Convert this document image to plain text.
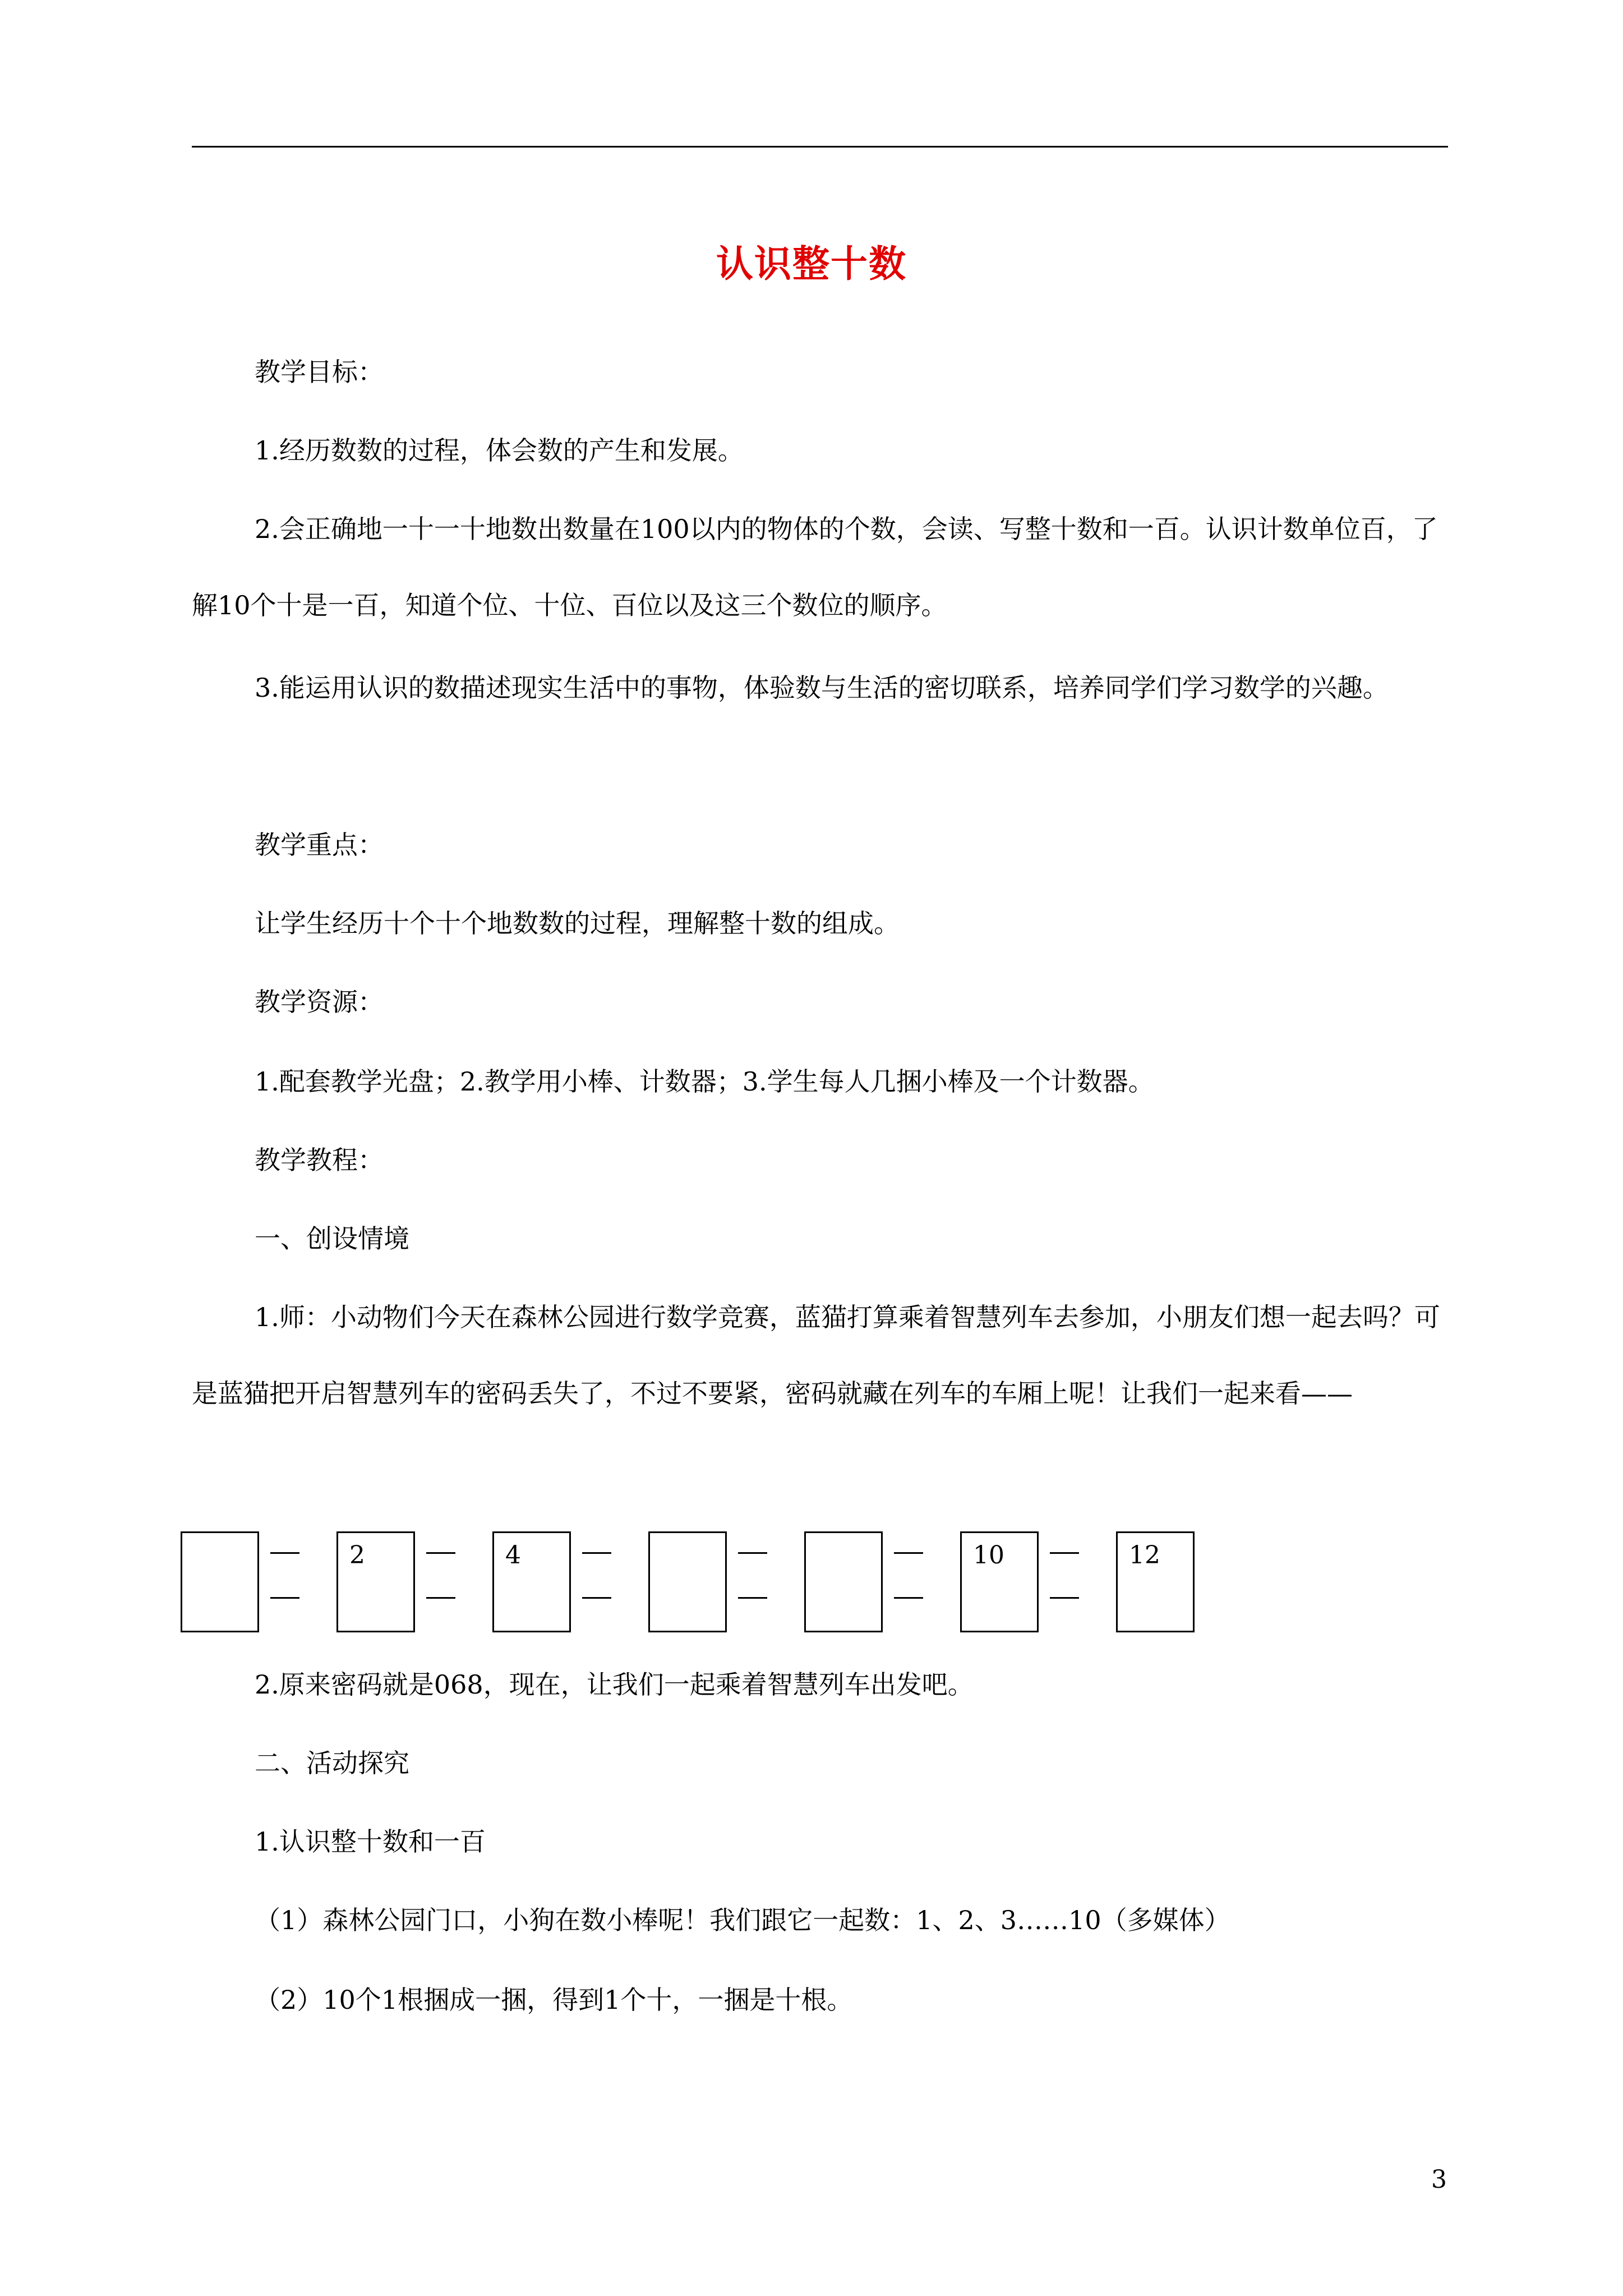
认识整十数

教学目标：

1.经历数数的过程，体会数的产生和发展。

2.会正确地一十一十地数出数量在100以内的物体的个数，会读、写整十数和一百。认识计数单位百，了解10个十是一百，知道个位、十位、百位以及这三个数位的顺序。

3.能运用认识的数描述现实生活中的事物，体验数与生活的密切联系，培养同学们学习数学的兴趣。

教学重点：

让学生经历十个十个地数数的过程，理解整十数的组成。

教学资源：

1.配套教学光盘；2.教学用小棒、计数器；3.学生每人几捆小棒及一个计数器。

教学教程：

一、创设情境

1.师：小动物们今天在森林公园进行数学竞赛，蓝猫打算乘着智慧列车去参加，小朋友们想一起去吗？可是蓝猫把开启智慧列车的密码丢失了，不过不要紧，密码就藏在列车的车厢上呢！让我们一起来看——

2	4	10	12

2.原来密码就是068，现在，让我们一起乘着智慧列车出发吧。

二、活动探究

1.认识整十数和一百

（1）森林公园门口，小狗在数小棒呢！我们跟它一起数：1、2、3……10（多媒体）

（2）10个1根捆成一捆，得到1个十，一捆是十根。

3
